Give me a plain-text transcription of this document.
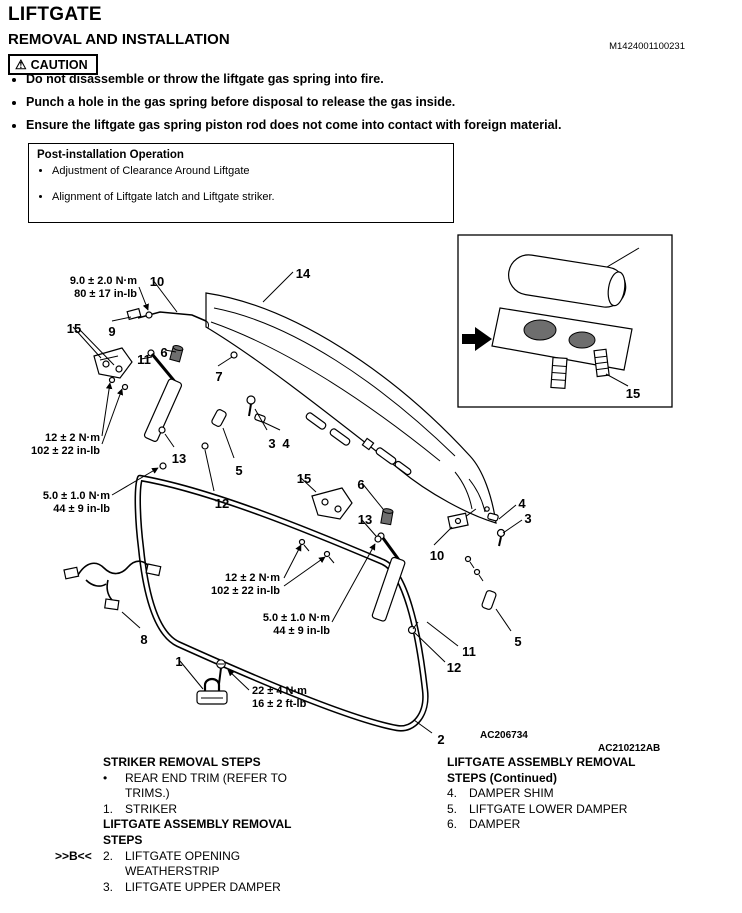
LIFTGATE
REMOVAL AND INSTALLATION	M1424001100231
⚠ CAUTION
• Do not disassemble or throw the liftgate gas spring into fire.
• Punch a hole in the gas spring before disposal to release the gas inside.
• Ensure the liftgate gas spring piston rod does not come into contact with foreign material.
Post-installation Operation
• Adjustment of Clearance Around Liftgate
• Alignment of Liftgate latch and Liftgate striker.
15
14
10
9
15
11 6
7
3 4
13
5
12
15	6
13
10
4
3
11
12
5
8
1
2
9.0 ± 2.0 N·m
80 ± 17 in-lb
12 ± 2 N·m
102 ± 22 in-lb
5.0 ± 1.0 N·m
44 ± 9 in-lb
12 ± 2 N·m
102 ± 22 in-lb
5.0 ± 1.0 N·m
44 ± 9 in-lb
22 ± 4 N·m
16 ± 2 ft-lb
AC206734
AC210212AB
STRIKER REMOVAL STEPS
•	REAR END TRIM (REFER TO TRIMS.)
1. STRIKER
LIFTGATE ASSEMBLY REMOVAL STEPS
>>B<< 2. LIFTGATE OPENING WEATHERSTRIP
3. LIFTGATE UPPER DAMPER
LIFTGATE ASSEMBLY REMOVAL STEPS (Continued)
4. DAMPER SHIM
5. LIFTGATE LOWER DAMPER
6. DAMPER
